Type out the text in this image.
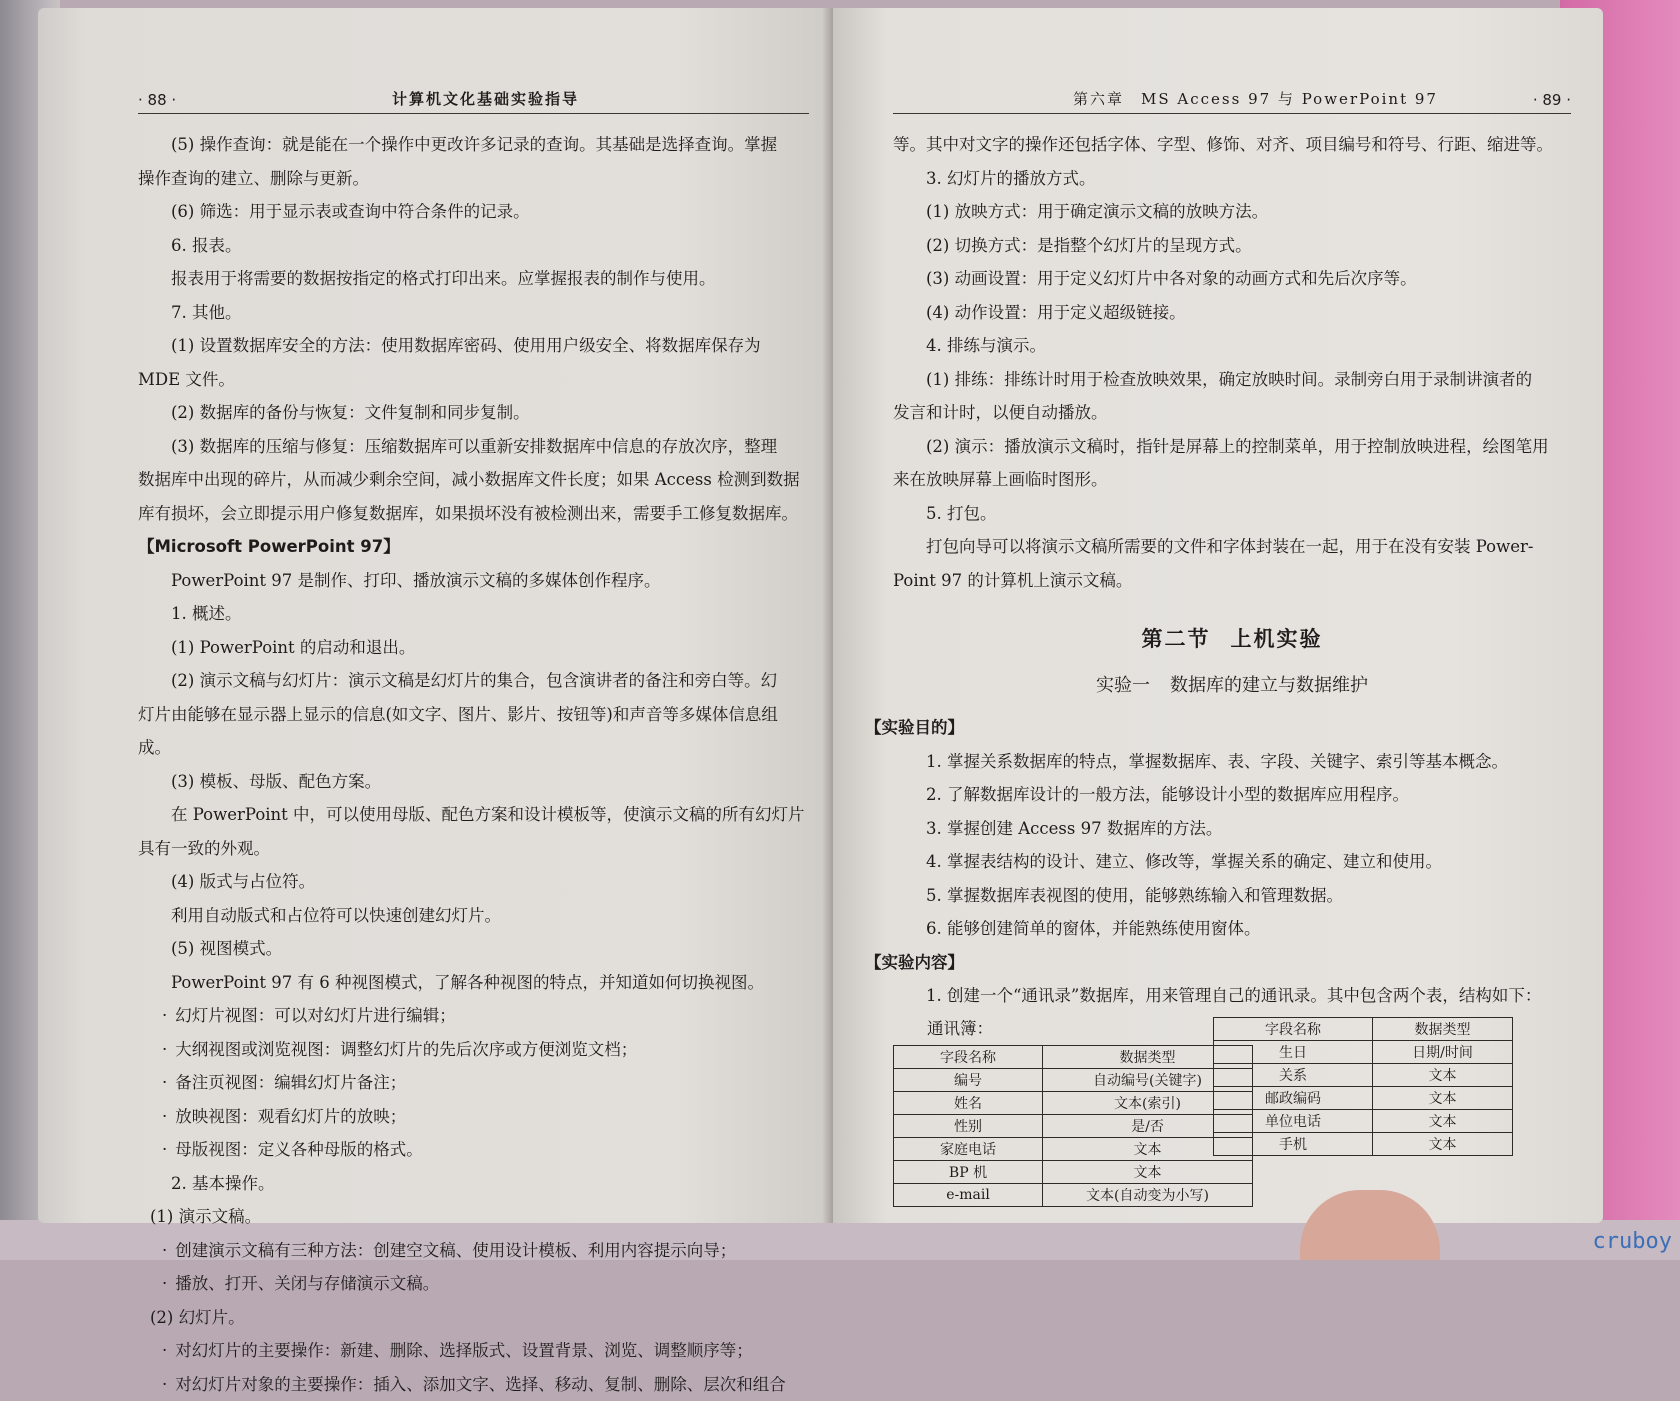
· 88 ·	计算机文化基础实验指导
(5) 操作查询：就是能在一个操作中更改许多记录的查询。其基础是选择查询。掌握
操作查询的建立、删除与更新。
(6) 筛选：用于显示表或查询中符合条件的记录。
6. 报表。
报表用于将需要的数据按指定的格式打印出来。应掌握报表的制作与使用。
7. 其他。
(1) 设置数据库安全的方法：使用数据库密码、使用用户级安全、将数据库保存为
MDE 文件。
(2) 数据库的备份与恢复：文件复制和同步复制。
(3) 数据库的压缩与修复：压缩数据库可以重新安排数据库中信息的存放次序，整理
数据库中出现的碎片，从而减少剩余空间，减小数据库文件长度；如果 Access 检测到数据
库有损坏，会立即提示用户修复数据库，如果损坏没有被检测出来，需要手工修复数据库。
【Microsoft PowerPoint 97】
PowerPoint 97 是制作、打印、播放演示文稿的多媒体创作程序。
1. 概述。
(1) PowerPoint 的启动和退出。
(2) 演示文稿与幻灯片：演示文稿是幻灯片的集合，包含演讲者的备注和旁白等。幻
灯片由能够在显示器上显示的信息(如文字、图片、影片、按钮等)和声音等多媒体信息组
成。
(3) 模板、母版、配色方案。
在 PowerPoint 中，可以使用母版、配色方案和设计模板等，使演示文稿的所有幻灯片
具有一致的外观。
(4) 版式与占位符。
利用自动版式和占位符可以快速创建幻灯片。
(5) 视图模式。
PowerPoint 97 有 6 种视图模式，了解各种视图的特点，并知道如何切换视图。
· 幻灯片视图：可以对幻灯片进行编辑；
· 大纲视图或浏览视图：调整幻灯片的先后次序或方便浏览文档；
· 备注页视图：编辑幻灯片备注；
· 放映视图：观看幻灯片的放映；
· 母版视图：定义各种母版的格式。
2. 基本操作。
(1) 演示文稿。
· 创建演示文稿有三种方法：创建空文稿、使用设计模板、利用内容提示向导；
· 播放、打开、关闭与存储演示文稿。
(2) 幻灯片。
· 对幻灯片的主要操作：新建、删除、选择版式、设置背景、浏览、调整顺序等；
· 对幻灯片对象的主要操作：插入、添加文字、选择、移动、复制、删除、层次和组合
第六章　MS Access 97 与 PowerPoint 97	· 89 ·
等。其中对文字的操作还包括字体、字型、修饰、对齐、项目编号和符号、行距、缩进等。
3. 幻灯片的播放方式。
(1) 放映方式：用于确定演示文稿的放映方法。
(2) 切换方式：是指整个幻灯片的呈现方式。
(3) 动画设置：用于定义幻灯片中各对象的动画方式和先后次序等。
(4) 动作设置：用于定义超级链接。
4. 排练与演示。
(1) 排练：排练计时用于检查放映效果，确定放映时间。录制旁白用于录制讲演者的
发言和计时，以便自动播放。
(2) 演示：播放演示文稿时，指针是屏幕上的控制菜单，用于控制放映进程，绘图笔用
来在放映屏幕上画临时图形。
5. 打包。
打包向导可以将演示文稿所需要的文件和字体封装在一起，用于在没有安装 Power-
Point 97 的计算机上演示文稿。
第二节 上机实验
实验一 数据库的建立与数据维护
【实验目的】
1. 掌握关系数据库的特点，掌握数据库、表、字段、关键字、索引等基本概念。
2. 了解数据库设计的一般方法，能够设计小型的数据库应用程序。
3. 掌握创建 Access 97 数据库的方法。
4. 掌握表结构的设计、建立、修改等，掌握关系的确定、建立和使用。
5. 掌握数据库表视图的使用，能够熟练输入和管理数据。
6. 能够创建简单的窗体，并能熟练使用窗体。
【实验内容】
1. 创建一个“通讯录”数据库，用来管理自己的通讯录。其中包含两个表，结构如下：
通讯簿：
字段名称	数据类型
编号	自动编号(关键字)
姓名	文本(索引)
性别	是/否
家庭电话	文本
BP 机	文本
e-mail	文本(自动变为小写)
字段名称	数据类型
生日	日期/时间
关系	文本
邮政编码	文本
单位电话	文本
手机	文本
cruboy
